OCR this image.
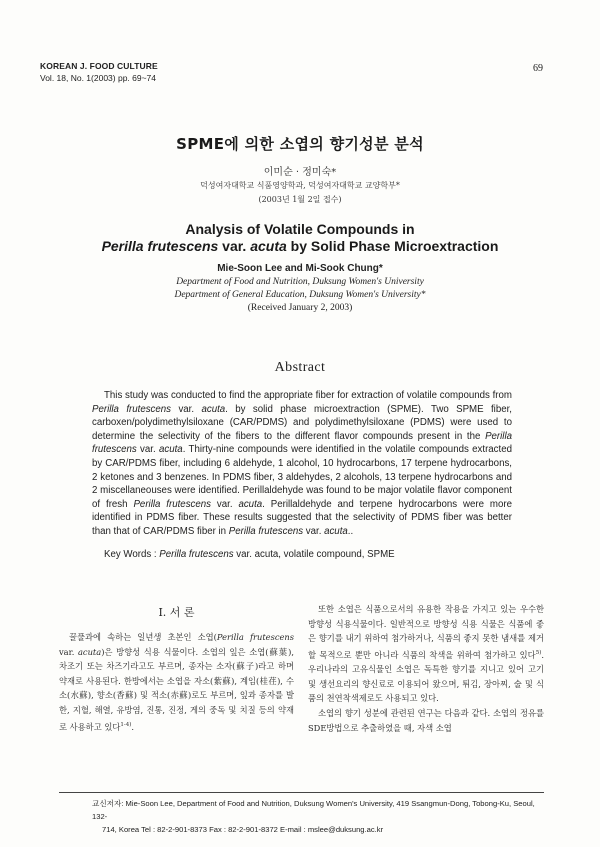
KOREAN J. FOOD CULTURE
Vol. 18, No. 1(2003) pp. 69~74
69
SPME에 의한 소엽의 향기성분 분석
이미순 · 정미숙*
덕성여자대학교 식품영양학과, 덕성여자대학교 교양학부*
(2003년 1월 2일 접수)
Analysis of Volatile Compounds in
Perilla frutescens var. acuta by Solid Phase Microextraction
Mie-Soon Lee and Mi-Sook Chung*
Department of Food and Nutrition, Duksung Women's University
Department of General Education, Duksung Women's University*
(Received January 2, 2003)
Abstract

This study was conducted to find the appropriate fiber for extraction of volatile compounds from Perilla frutescens var. acuta. by solid phase microextraction (SPME). Two SPME fiber, carboxen/polydimethylsiloxane (CAR/PDMS) and polydimethylsiloxane (PDMS) were used to determine the selectivity of the fibers to the different flavor compounds present in the Perilla frutescens var. acuta. Thirty-nine compounds were identified in the volatile compounds extracted by CAR/PDMS fiber, including 6 aldehyde, 1 alcohol, 10 hydrocarbons, 17 terpene hydrocarbons, 2 ketones and 3 benzenes. In PDMS fiber, 3 aldehydes, 2 alcohols, 13 terpene hydrocarbons and 2 miscellaneouses were identified. Perillaldehyde was found to be major volatile flavor component of fresh Perilla frutescens var. acuta. Perillaldehyde and terpene hydrocarbons were more identified in PDMS fiber. These results suggested that the selectivity of PDMS fiber was better than that of CAR/PDMS fiber in Perilla frutescens var. acuta..

Key Words : Perilla frutescens var. acuta, volatile compound, SPME
I. 서 론

꿀풀과에 속하는 일년생 초본인 소엽(Perilla frutescens var. acuta)은 방향성 식용 식물이다. 소엽의 잎은 소엽(蘇葉), 차조기 또는 차즈기라고도 부르며, 종자는 소자(蘇子)라고 하며 약재로 사용된다. 한방에서는 소엽을 자소(紫蘇), 계임(桂荏), 수소(水蘇), 향소(香蘇) 및 적소(赤蘇)로도 부르며, 잎과 종자를 발한, 지혈, 해열, 유방염, 진통, 진정, 게의 중독 및 치질 등의 약재로 사용하고 있다$^{1-4)}$.

또한 소엽은 식품으로서의 유용한 작용을 가지고 있는 우수한 방향성 식용식물이다. 일반적으로 방향성 식용 식물은 식품에 좋은 향기를 내기 위하여 첨가하거나, 식품의 좋지 못한 냄새를 제거할 목적으로 뿐만 아니라 식품의 착색을 위하여 첨가하고 있다$^{5)}$. 우리나라의 고유식물인 소엽은 독특한 향기를 지니고 있어 고기 및 생선요리의 향신료로 이용되어 왔으며, 튀김, 장아찌, 술 및 식품의 천연착색제로도 사용되고 있다.

소엽의 향기 성분에 관련된 연구는 다음과 같다. 소엽의 정유를 SDE방법으로 추출하였을 때, 자색 소엽

교신저자: Mie-Soon Lee, Department of Food and Nutrition, Duksung Women's University, 419 Ssangmun-Dong, Tobong-Ku, Seoul, 132-
714, Korea Tel : 82-2-901-8373 Fax : 82-2-901-8372 E-mail : mslee@duksung.ac.kr
